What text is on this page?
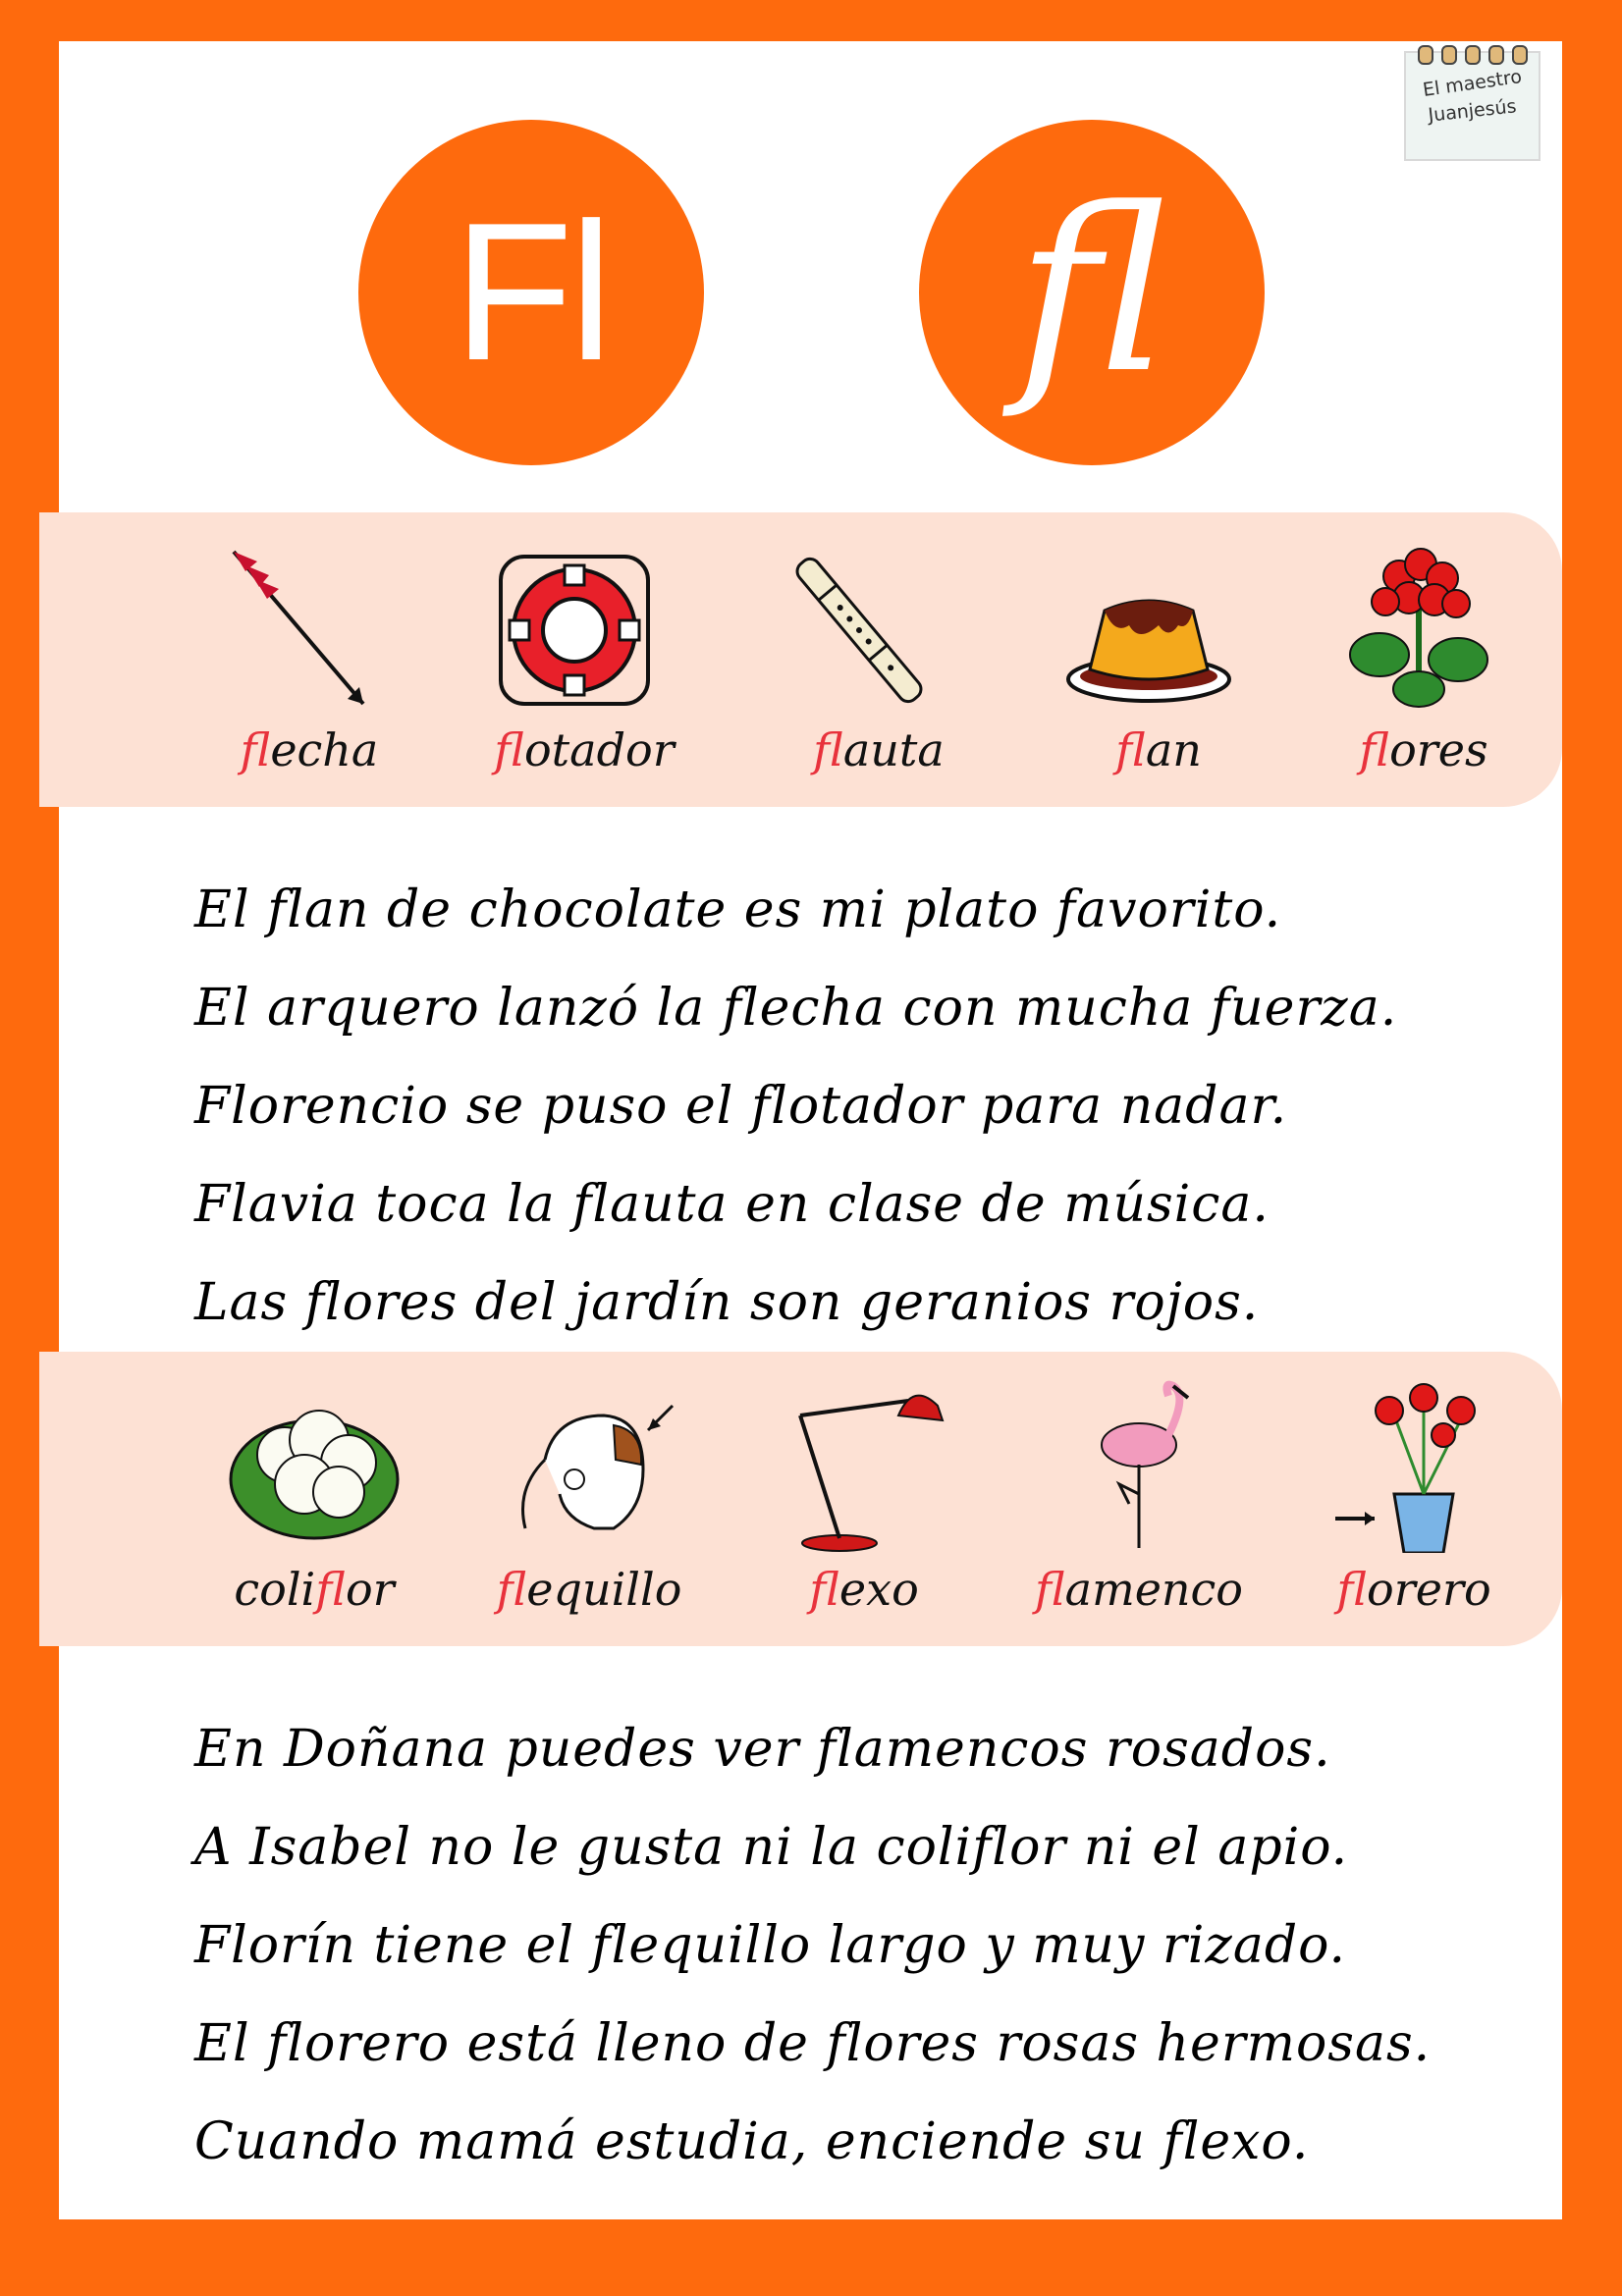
Fl fl
El maestro
Juanjesús
flecha	flotador	flauta	flan	flores
El flan de chocolate es mi plato favorito.
El arquero lanzó la flecha con mucha fuerza.
Florencio se puso el flotador para nadar.
Flavia toca la flauta en clase de música.
Las flores del jardín son geranios rojos.
coliflor	flequillo	flexo	flamenco	florero
En Doñana puedes ver flamencos rosados.
A Isabel no le gusta ni la coliflor ni el apio.
Florín tiene el flequillo largo y muy rizado.
El florero está lleno de flores rosas hermosas.
Cuando mamá estudia, enciende su flexo.
